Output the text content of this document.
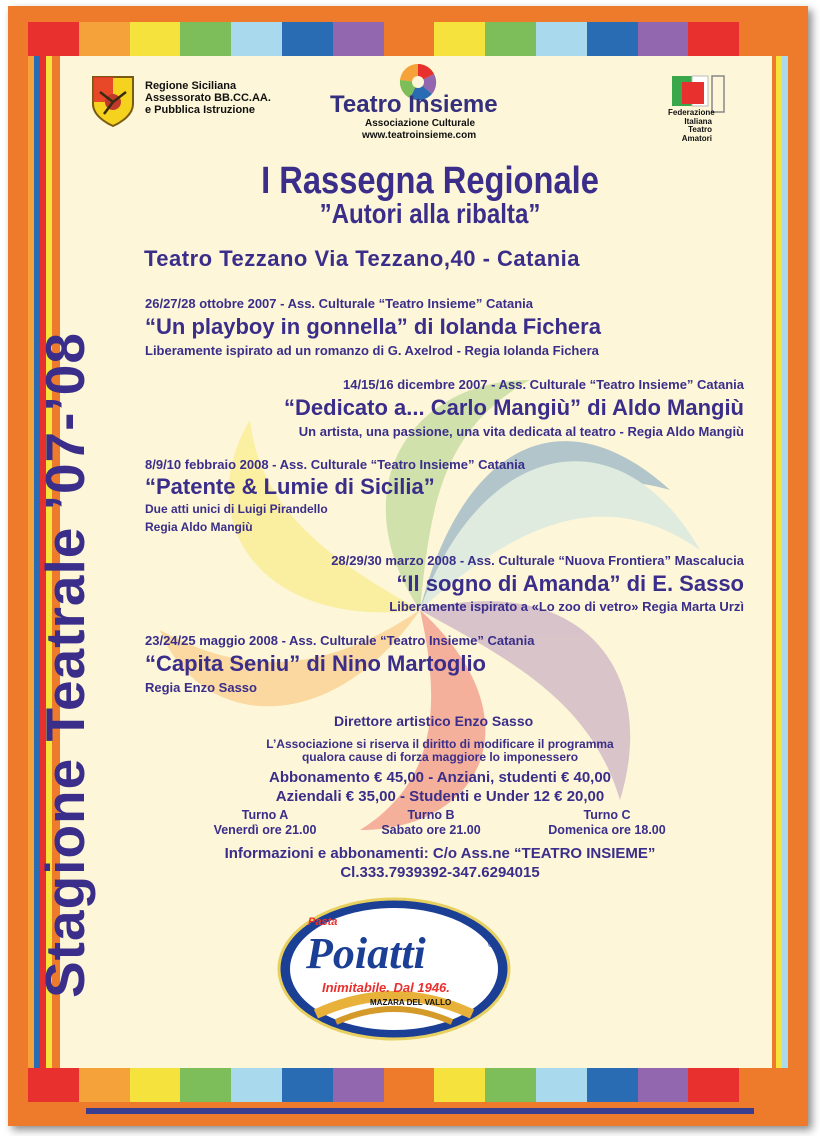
Regione Siciliana
Assessorato BB.CC.AA.
e Pubblica Istruzione	Teatro Insieme
Associazione Culturale
www.teatroinsieme.com
Federazione
Italiana
Teatro
Amatori
I Rassegna Regionale
”Autori alla ribalta”
Teatro Tezzano Via Tezzano,40 - Catania
Stagione Teatrale ’07-’08
26/27/28 ottobre 2007 - Ass. Culturale “Teatro Insieme” Catania
“Un playboy in gonnella” di Iolanda Fichera
Liberamente ispirato ad un romanzo di G. Axelrod - Regia Iolanda Fichera
14/15/16 dicembre 2007 - Ass. Culturale “Teatro Insieme” Catania
“Dedicato a... Carlo Mangiù” di Aldo Mangiù
Un artista, una passione, una vita dedicata al teatro - Regia Aldo Mangiù
8/9/10 febbraio 2008 - Ass. Culturale “Teatro Insieme” Catania
“Patente & Lumie di Sicilia”
Due atti unici di Luigi Pirandello
Regia Aldo Mangiù
28/29/30 marzo 2008 - Ass. Culturale “Nuova Frontiera” Mascalucia
“Il sogno di Amanda” di E. Sasso
Liberamente ispirato a «Lo zoo di vetro» Regia Marta Urzì
23/24/25 maggio 2008 - Ass. Culturale “Teatro Insieme” Catania
“Capita Seniu” di Nino Martoglio
Regia Enzo Sasso
Direttore artistico Enzo Sasso
L’Associazione si riserva il diritto di modificare il programma
qualora cause di forza maggiore lo imponessero
Abbonamento € 45,00 - Anziani, studenti € 40,00
Aziendali € 35,00 - Studenti e Under 12 € 20,00
Turno A
Venerdì ore 21.00
Turno B
Sabato ore 21.00
Turno C
Domenica ore 18.00
Informazioni e abbonamenti: C/o Ass.ne “TEATRO INSIEME”
Cl.333.7939392-347.6294015
Pasta
Poiatti	®
Inimitabile. Dal 1946.
MAZARA DEL VALLO
